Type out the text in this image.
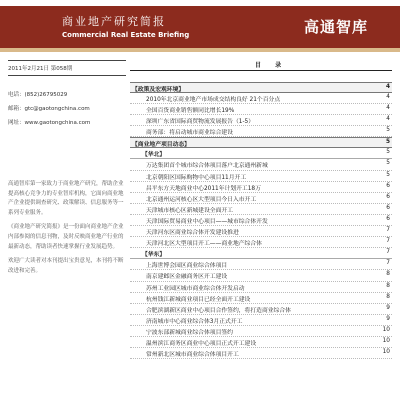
商业地产研究简报
Commercial Real Estate Briefing	高通智库
2011年2月21日 第058期
电话：(852)26795029
邮箱：gtc@gaotongchina.com
网址：www.gaotongchina.com

高通智库第一家致力于商业地产研究，帮助企业提高核心竞争力的专业智库机构，它面向商业地产企业提供调查研究、政策解读、信息服务等一系列专业服务。

《商业地产研究简报》是一份面向商业地产企业内部参阅的信息刊物，及时反映商业地产行业的最新动态，帮助读者快速掌握行业发展趋势。

欢迎广大读者对本刊提出宝贵意见，本刊将不断改进和完善。

目 录
【政策及宏观环境】	4
2010年北京商业地产市场成交结构良好 21个百分点	4
全国百货商业销售额同比增长19%	4
深圳广东省国际商贸物流发展报告（1-5）	4
商务部：将启动城市商业综合建设	5
【商业地产项目动态】	5
【华北】	5
万达集团首个城市综合体项目落户北京通州新城	5
北京朝阳区国际购物中心项目11月开工	5
昌平东方天地商业中心2011年计划开工18万	6
北京通州运河核心区大型项目今日入市开工	6
天津城市核心区新城建设全面开工	6
天津国际贸易商业中心项目——城市综合体开发	6
天津河东区商业综合体开发建设推进	7
天津河北区大型项目开工——商业地产综合体	7
【华东】	7
上海世博会园区商业综合体项目	7
南京建邺区金融商务区开工建设	8
苏州工业园区城市商业综合体开发启动	8
杭州钱江新城商业项目已经全面开工建设	8
合肥滨湖新区商业中心项目合作签约，将打造商业综合体	9
济南城市中心商业综合体3月正式开工	9
宁波东部新城商业综合体项目签约	10
温州滨江商务区商业中心项目正式开工建设	10
常州新北区城市商业综合体项目开工	10
